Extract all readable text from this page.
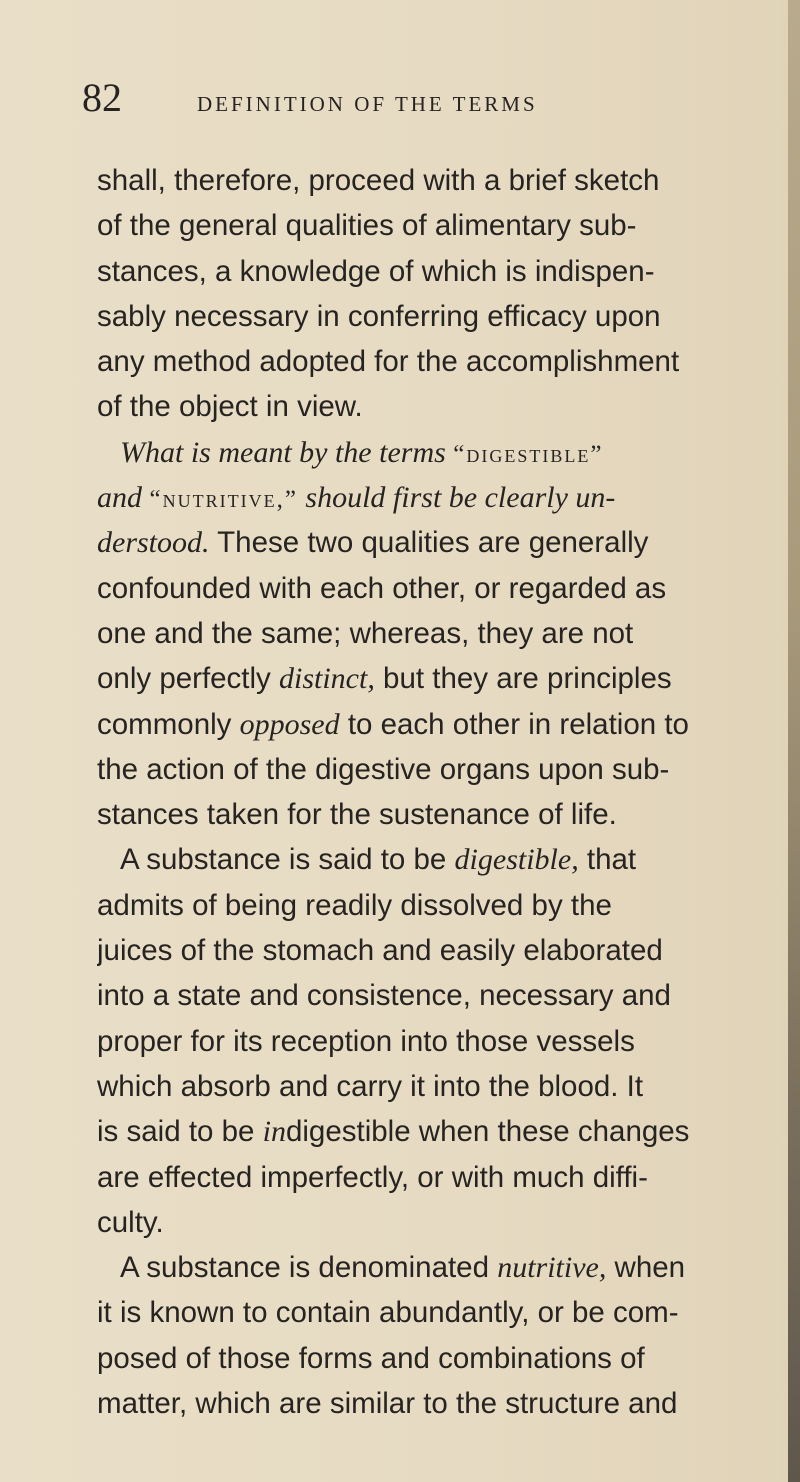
82	DEFINITION OF THE TERMS
shall, therefore, proceed with a brief sketch
of the general qualities of alimentary sub-
stances, a knowledge of which is indispen-
sably necessary in conferring efficacy upon
any method adopted for the accomplishment
of the object in view.
What is meant by the terms “digestible”
and “nutritive,” should first be clearly un-
derstood. These two qualities are generally
confounded with each other, or regarded as
one and the same; whereas, they are not
only perfectly distinct, but they are principles
commonly opposed to each other in relation to
the action of the digestive organs upon sub-
stances taken for the sustenance of life.
A substance is said to be digestible, that
admits of being readily dissolved by the
juices of the stomach and easily elaborated
into a state and consistence, necessary and
proper for its reception into those vessels
which absorb and carry it into the blood. It
is said to be indigestible when these changes
are effected imperfectly, or with much diffi-
culty.
A substance is denominated nutritive, when
it is known to contain abundantly, or be com-
posed of those forms and combinations of
matter, which are similar to the structure and
